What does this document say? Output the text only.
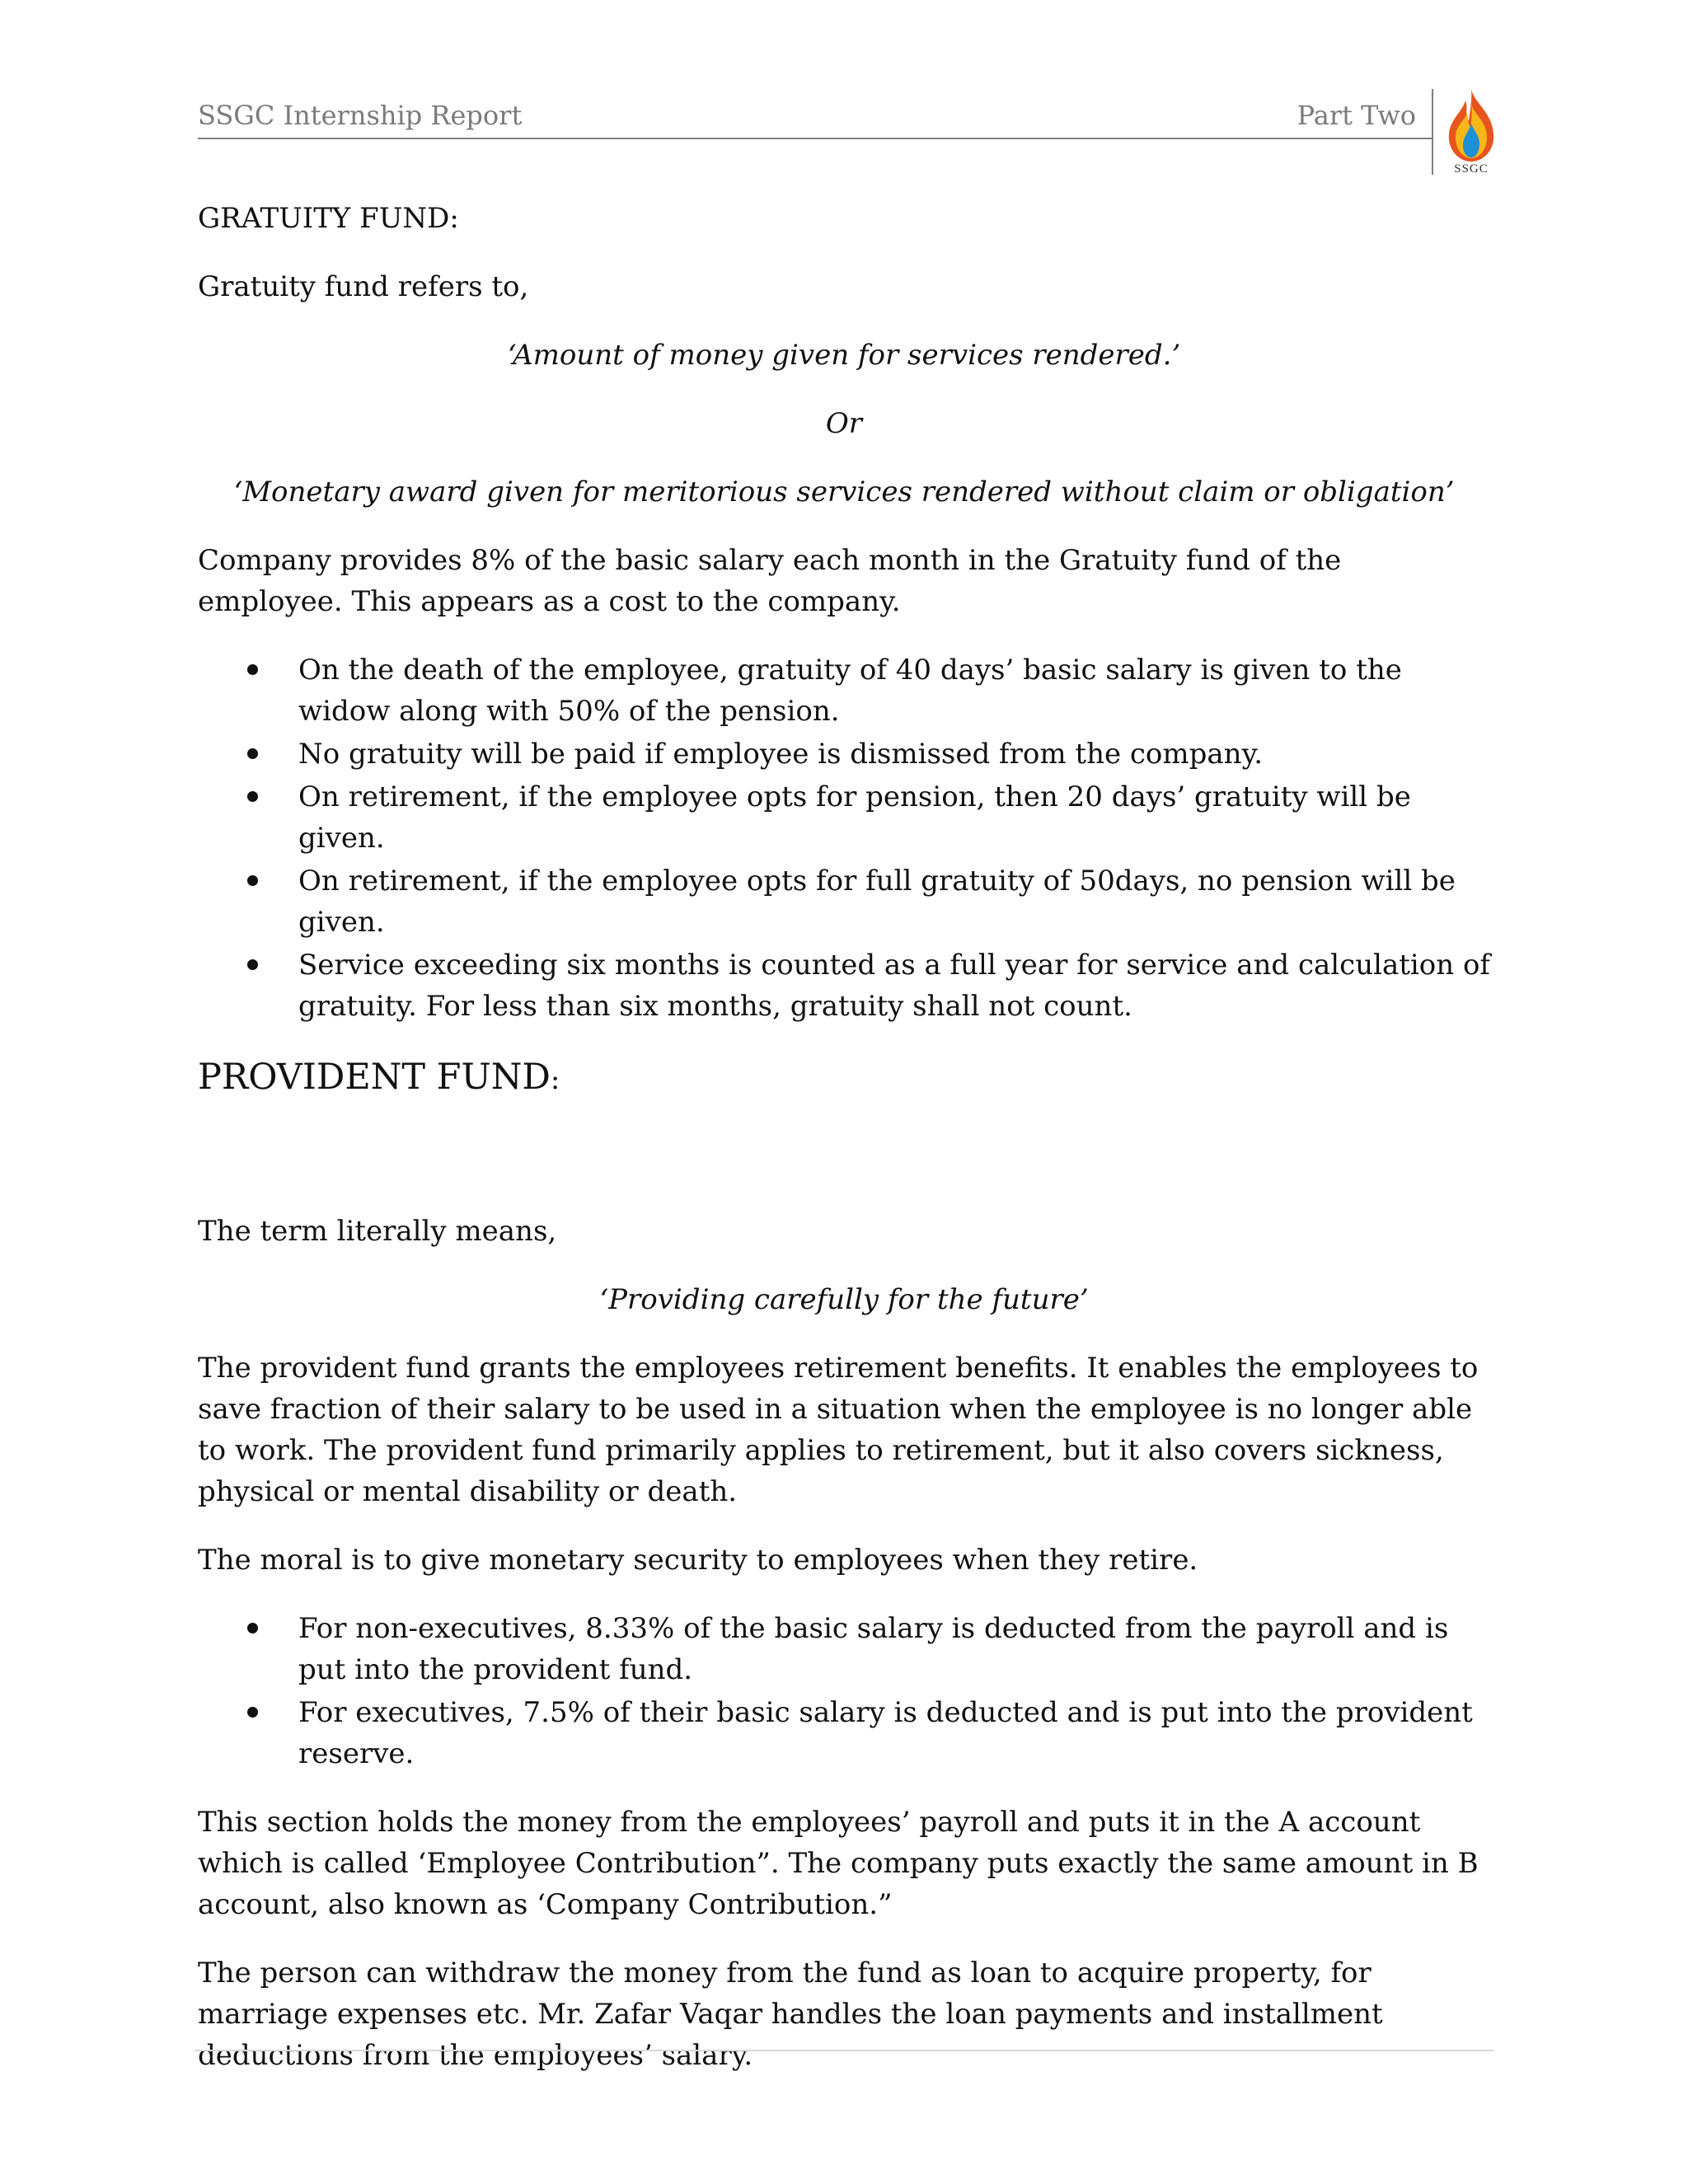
SSGC Internship Report	Part Two
SSGC

GRATUITY FUND:

Gratuity fund refers to,

‘Amount of money given for services rendered.’

Or

‘Monetary award given for meritorious services rendered without claim or obligation’

Company provides 8% of the basic salary each month in the Gratuity fund of the employee. This appears as a cost to the company.

On the death of the employee, gratuity of 40 days’ basic salary is given to the widow along with 50% of the pension.
No gratuity will be paid if employee is dismissed from the company.
On retirement, if the employee opts for pension, then 20 days’ gratuity will be given.
On retirement, if the employee opts for full gratuity of 50days, no pension will be given.
Service exceeding six months is counted as a full year for service and calculation of gratuity. For less than six months, gratuity shall not count.

PROVIDENT FUND:

The term literally means,

‘Providing carefully for the future’

The provident fund grants the employees retirement benefits. It enables the employees to save fraction of their salary to be used in a situation when the employee is no longer able to work. The provident fund primarily applies to retirement, but it also covers sickness, physical or mental disability or death.

The moral is to give monetary security to employees when they retire.

For non-executives, 8.33% of the basic salary is deducted from the payroll and is put into the provident fund.
For executives, 7.5% of their basic salary is deducted and is put into the provident reserve.

This section holds the money from the employees’ payroll and puts it in the A account which is called ‘Employee Contribution”. The company puts exactly the same amount in B account, also known as ‘Company Contribution.”

The person can withdraw the money from the fund as loan to acquire property, for marriage expenses etc. Mr. Zafar Vaqar handles the loan payments and installment deductions from the employees’ salary.
